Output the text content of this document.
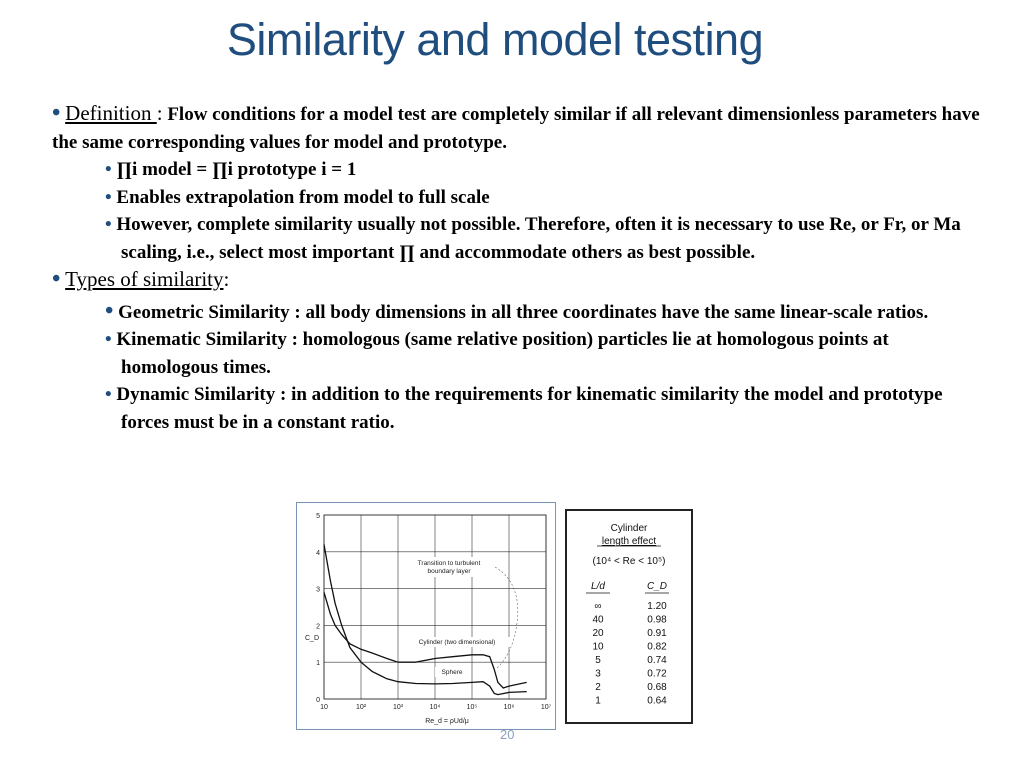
Similarity and model testing

• Definition : Flow conditions for a model test are completely similar if all relevant dimensionless parameters have the same corresponding values for model and prototype.

• ∏i model = ∏i prototype i = 1

• Enables extrapolation from model to full scale

• However, complete similarity usually not possible. Therefore, often it is necessary to use Re, or Fr, or Ma scaling, i.e., select most important ∏ and accommodate others as best possible.

• Types of similarity:

• Geometric Similarity : all body dimensions in all three coordinates have the same linear-scale ratios.

• Kinematic Similarity : homologous (same relative position) particles lie at homologous points at homologous times.

• Dynamic Similarity : in addition to the requirements for kinematic similarity the model and prototype forces must be in a constant ratio.

0
1
2
3
4
5
10	10²	10³	10⁴	10⁵	10⁶	10⁷
C_D
Re_d = ρUd/μ
Transition to turbulent
boundary layer
Cylinder (two dimensional)
Sphere
Cylinder
length effect
(10⁴ < Re < 10⁵)
L/d	C_D
∞	1.20
40	0.98
20	0.91
10	0.82
5	0.74
3	0.72
2	0.68
1	0.64
20
